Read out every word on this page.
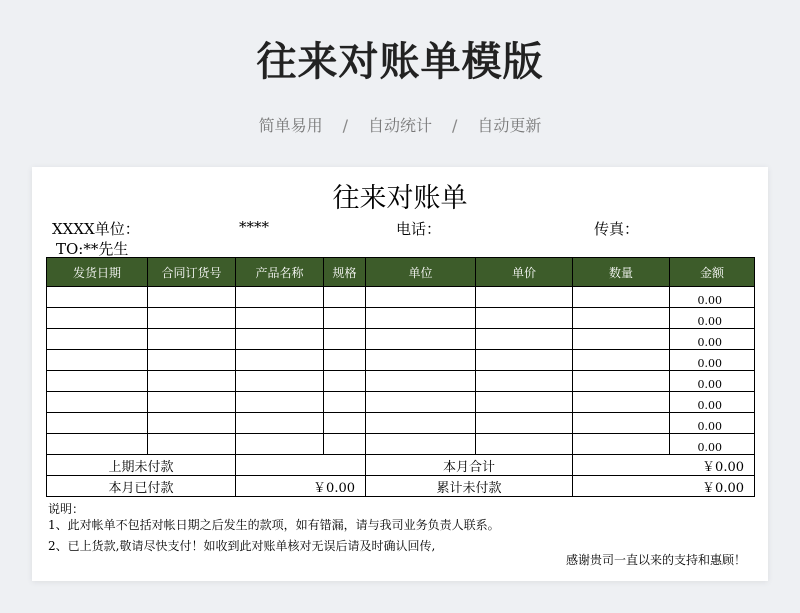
往来对账单模版
简单易用 / 自动统计 / 自动更新
往来对账单
XXXX单位：	****	电话：	传真：
TO:**先生
发货日期	合同订货号	产品名称	规格	单位	单价	数量	金额
							0.00
							0.00
							0.00
							0.00
							0.00
							0.00
							0.00
							0.00
上期未付款				本月合计		￥0.00	
本月已付款		￥0.00		累计未付款		￥0.00	
说明：
1、此对帐单不包括对帐日期之后发生的款项，如有错漏，请与我司业务负责人联系。
2、已上货款,敬请尽快支付！如收到此对账单核对无误后请及时确认回传,
感谢贵司一直以来的支持和惠顾！
